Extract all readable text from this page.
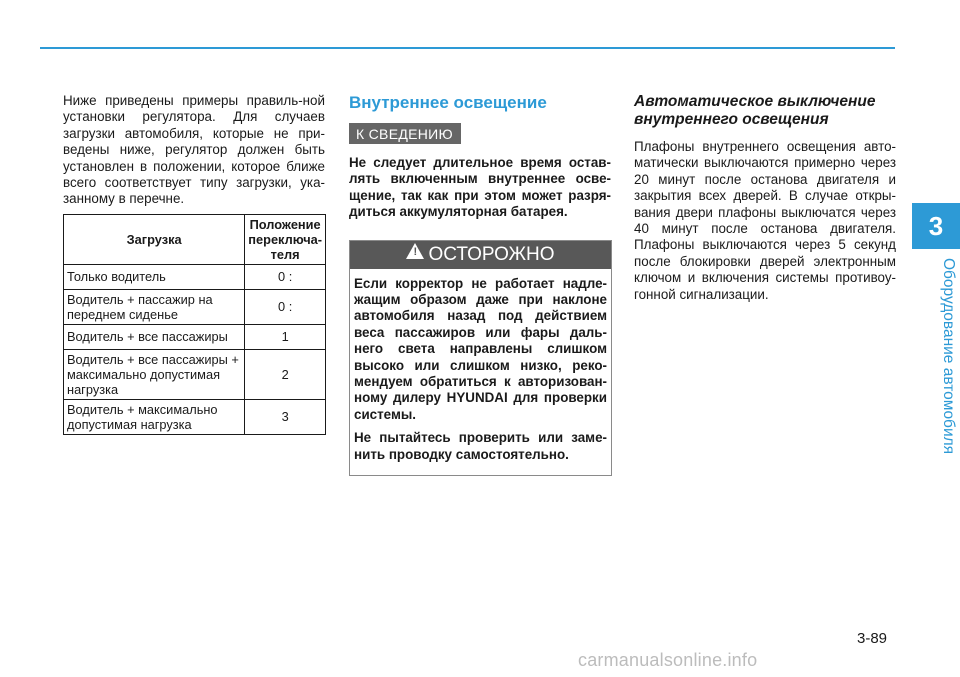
3
Оборудование автомобиля

Ниже приведены примеры правиль-ной установки регулятора. Для случаев загрузки автомобиля, которые не при-ведены ниже, регулятор должен быть установлен в положении, которое ближе всего соответствует типу загрузки, ука-занному в перечне.

Загрузка	Положение переключа-теля
Только водитель	0 :
Водитель + пассажир на переднем сиденье	0 :
Водитель + все пассажиры	1
Водитель + все пассажиры + максимально допустимая нагрузка	2
Водитель + максимально допустимая нагрузка	3
Внутреннее освещение
К СВЕДЕНИЮ

Не следует длительное время остав-лять включенным внутреннее осве-щение, так как при этом может разря-диться аккумуляторная батарея.

! ОСТОРОЖНО

Если корректор не работает надле-жащим образом даже при наклоне автомобиля назад под действием веса пассажиров или фары даль-него света направлены слишком высоко или слишком низко, реко-мендуем обратиться к авторизован-ному дилеру HYUNDAI для проверки системы.

Не пытайтесь проверить или заме-нить проводку самостоятельно.

Автоматическое выключение внутреннего освещения

Плафоны внутреннего освещения авто-матически выключаются примерно через 20 минут после останова двигателя и закрытия всех дверей. В случае откры-вания двери плафоны выключатся через 40 минут после останова двигателя. Плафоны выключаются через 5 секунд после блокировки дверей электронным ключом и включения системы противоу-гонной сигнализации.

3-89
carmanualsonline.info
